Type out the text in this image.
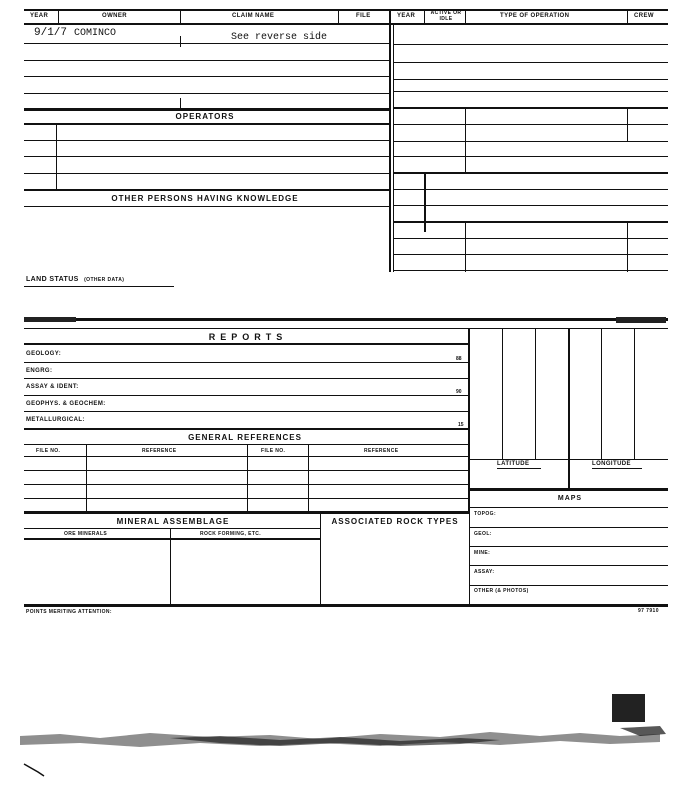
YEAR	OWNER	CLAIM NAME	FILE	YEAR	ACTIVE OR IDLE	TYPE OF OPERATION	CREW
9/1/7 COMINCO	See reverse side
OPERATORS
OTHER PERSONS HAVING KNOWLEDGE
LAND STATUS (OTHER DATA)
REPORTS
GEOLOGY:
88
ENGRG:
ASSAY & IDENT:
90
GEOPHYS. & GEOCHEM:
METALLURGICAL:
15
GENERAL REFERENCES
FILE NO.	REFERENCE	FILE NO.	REFERENCE
LATITUDE	LONGITUDE
MAPS
TOPOG:
GEOL:
MINE:
ASSAY:
OTHER (& PHOTOS)
MINERAL ASSEMBLAGE	ASSOCIATED ROCK TYPES
ORE MINERALS	ROCK FORMING, ETC.
POINTS MERITING ATTENTION:	97 7910
